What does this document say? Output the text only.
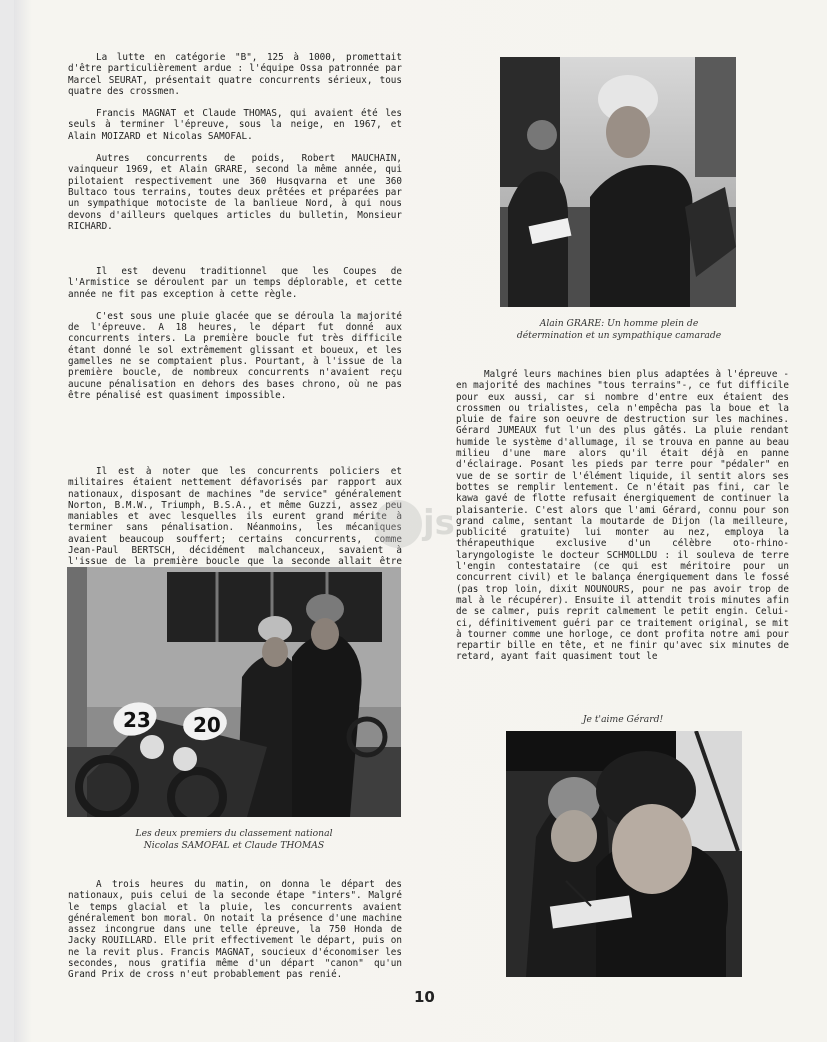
La lutte en catégorie "B", 125 à 1000, promettait d'être particulièrement ardue : l'équipe Ossa patronnée par Marcel SEURAT, présentait quatre concurrents sérieux, tous quatre des crossmen.

Francis MAGNAT et Claude THOMAS, qui avaient été les seuls à terminer l'épreuve, sous la neige, en 1967, et Alain MOIZARD et Nicolas SAMOFAL.

Autres concurrents de poids, Robert MAUCHAIN, vainqueur 1969, et Alain GRARE, second la même année, qui pilotaient respectivement une 360 Husqvarna et une 360 Bultaco tous terrains, toutes deux prêtées et préparées par un sympathique motociste de la banlieue Nord, à qui nous devons d'ailleurs quelques articles du bulletin, Monsieur RICHARD.

Il est devenu traditionnel que les Coupes de l'Armistice se déroulent par un temps déplorable, et cette année ne fit pas exception à cette règle.

C'est sous une pluie glacée que se déroula la majorité de l'épreuve. A 18 heures, le départ fut donné aux concurrents inters. La première boucle fut très difficile étant donné le sol extrêmement glissant et boueux, et les gamelles ne se comptaient plus. Pourtant, à l'issue de la première boucle, de nombreux concurrents n'avaient reçu aucune pénalisation en dehors des bases chrono, où ne pas être pénalisé est quasiment impossible.

Il est à noter que les concurrents policiers et militaires étaient nettement défavorisés par rapport aux nationaux, disposant de machines "de service" généralement Norton, B.M.W., Triumph, B.S.A., et même Guzzi, assez maniables et avec lesquelles ils eurent grand mérite terminer sans pénalisation. Néanmoins, les mécaniques avaient beaucoup souffert; certains concurrents, Jean-Paul BERTSCH, décidément malchanceux, savaient à l'issue de la première boucle que la seconde allait être

js
Alain GRARE: Un homme plein de
détermination et un sympathique camarade

Malgré leurs machines bien plus adaptées à l'épreuve -en majorité des machines "tous terrains"-, ce fut difficile pour eux aussi, car si nombre d'entre eux étaient des crossmen ou trialistes, cela n'empêcha pas la boue et la pluie de faire son oeuvre de destruction sur les machines. Gérard JUMEAUX fut l'un des plus gâtés. La pluie rendant humide le système d'allumage, il se trouva en panne au beau milieu d'une mare alors qu'il était déjà en panne d'éclairage. Posant les pieds par terre pour "pédaler" en vue de se sortir de l'élément liquide, il sentit alors ses bottes se remplir lentement. Ce n'était pas fini, car le kawa gavé de flotte refusait énergiquement de continuer la plaisanterie. C'est alors que l'ami Gérard, connu pour son grand calme, sentant la moutarde de Dijon (la meilleure, publicité gratuite) lui monter au nez, employa la thérapeuthique exclusive d'un célèbre oto-rhino-laryngologiste le docteur SCHMOLLDU : il souleva de terre l'engin contestataire (ce qui est méritoire pour un concurrent civil) et le balança énergiquement dans le fossé (pas trop loin, dixit NOUNOURS, pour ne pas avoir trop de mal à le récupérer). Ensuite il attendit trois minutes afin de se calmer, puis reprit calmement le petit engin. Celui-ci, définitivement guéri par ce traitement original, se mit à tourner comme une horloge, ce dont profita notre ami pour repartir bille en tête, et ne finir qu'avec six minutes de retard, ayant fait quasiment tout le

23 20
Les deux premiers du classement national
Nicolas SAMOFAL et Claude THOMAS

A trois heures du matin, on donna le départ des nationaux, puis celui de la seconde étape "inters". Malgré le temps glacial et la pluie, les concurrents avaient généralement bon moral. On notait la présence d'une machine assez incongrue dans une telle épreuve, la 750 Honda de Jacky ROUILLARD. Elle prit effectivement le départ, puis on ne la revit plus. Francis MAGNAT, soucieux d'économiser les secondes, nous gratifia même d'un départ "canon" qu'un Grand Prix de cross n'eut probablement pas renié.

Je t'aime Gérard!
10
